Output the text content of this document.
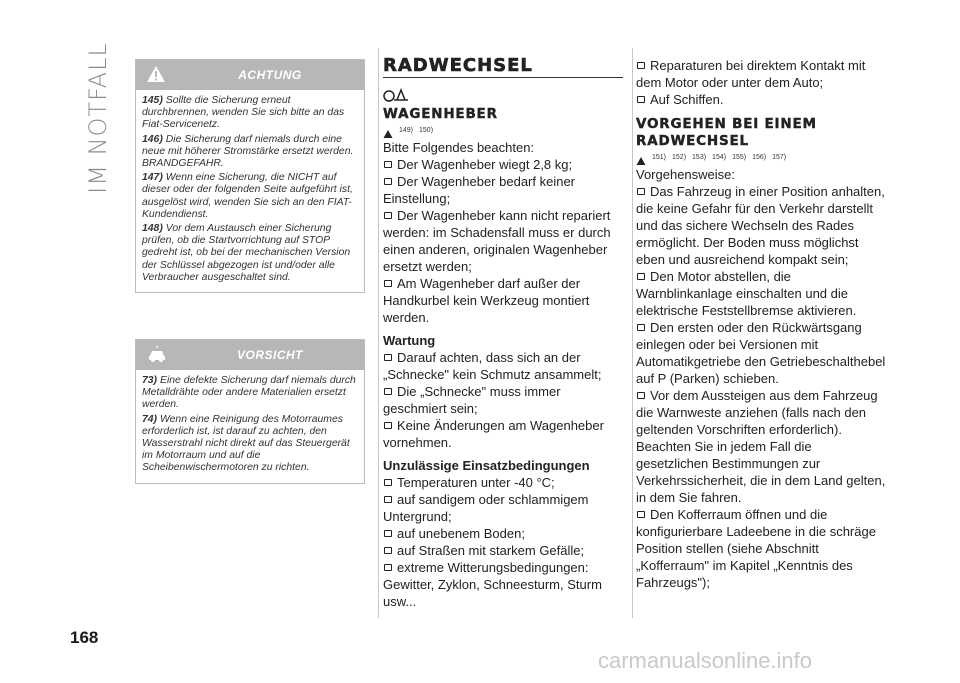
IM NOTFALL	ACHTUNG

145) Sollte die Sicherung erneut durchbrennen, wenden Sie sich bitte an das Fiat-Servicenetz.

146) Die Sicherung darf niemals durch eine neue mit höherer Stromstärke ersetzt werden. BRANDGEFAHR.

147) Wenn eine Sicherung, die NICHT auf dieser oder der folgenden Seite aufgeführt ist, ausgelöst wird, wenden Sie sich an den FIAT-Kundendienst.

148) Vor dem Austausch einer Sicherung prüfen, ob die Startvorrichtung auf STOP gedreht ist, ob bei der mechanischen Version der Schlüssel abgezogen ist und/oder alle Verbraucher ausgeschaltet sind.

VORSICHT

73) Eine defekte Sicherung darf niemals durch Metalldrähte oder andere Materialien ersetzt werden.

74) Wenn eine Reinigung des Motorraumes erforderlich ist, ist darauf zu achten, den Wasserstrahl nicht direkt auf das Steuergerät im Motorraum und auf die Scheibenwischermotoren zu richten.

RADWECHSEL
WAGENHEBER
149) 150)

Bitte Folgendes beachten:

Der Wagenheber wiegt 2,8 kg;

Der Wagenheber bedarf keiner Einstellung;

Der Wagenheber kann nicht repariert werden: im Schadensfall muss er durch einen anderen, originalen Wagenheber ersetzt werden;

Am Wagenheber darf außer der Handkurbel kein Werkzeug montiert werden.

Wartung

Darauf achten, dass sich an der „Schnecke" kein Schmutz ansammelt;

Die „Schnecke" muss immer geschmiert sein;

Keine Änderungen am Wagenheber vornehmen.

Unzulässige Einsatzbedingungen

Temperaturen unter -40 °C;

auf sandigem oder schlammigem Untergrund;

auf unebenem Boden;

auf Straßen mit starkem Gefälle;

extreme Witterungsbedingungen: Gewitter, Zyklon, Schneesturm, Sturm usw...

Reparaturen bei direktem Kontakt mit dem Motor oder unter dem Auto;

Auf Schiffen.

VORGEHEN BEI EINEM
RADWECHSEL
151) 152) 153) 154) 155) 156) 157)

Vorgehensweise:

Das Fahrzeug in einer Position anhalten, die keine Gefahr für den Verkehr darstellt und das sichere Wechseln des Rades ermöglicht. Der Boden muss möglichst eben und ausreichend kompakt sein;

Den Motor abstellen, die Warnblinkanlage einschalten und die elektrische Feststellbremse aktivieren.

Den ersten oder den Rückwärtsgang einlegen oder bei Versionen mit Automatikgetriebe den Getriebeschalthebel auf P (Parken) schieben.

Vor dem Aussteigen aus dem Fahrzeug die Warnweste anziehen (falls nach den geltenden Vorschriften erforderlich). Beachten Sie in jedem Fall die gesetzlichen Bestimmungen zur Verkehrssicherheit, die in dem Land gelten, in dem Sie fahren.

Den Kofferraum öffnen und die konfigurierbare Ladeebene in die schräge Position stellen (siehe Abschnitt „Kofferraum" im Kapitel „Kenntnis des Fahrzeugs");

168
carmanualsonline.info
